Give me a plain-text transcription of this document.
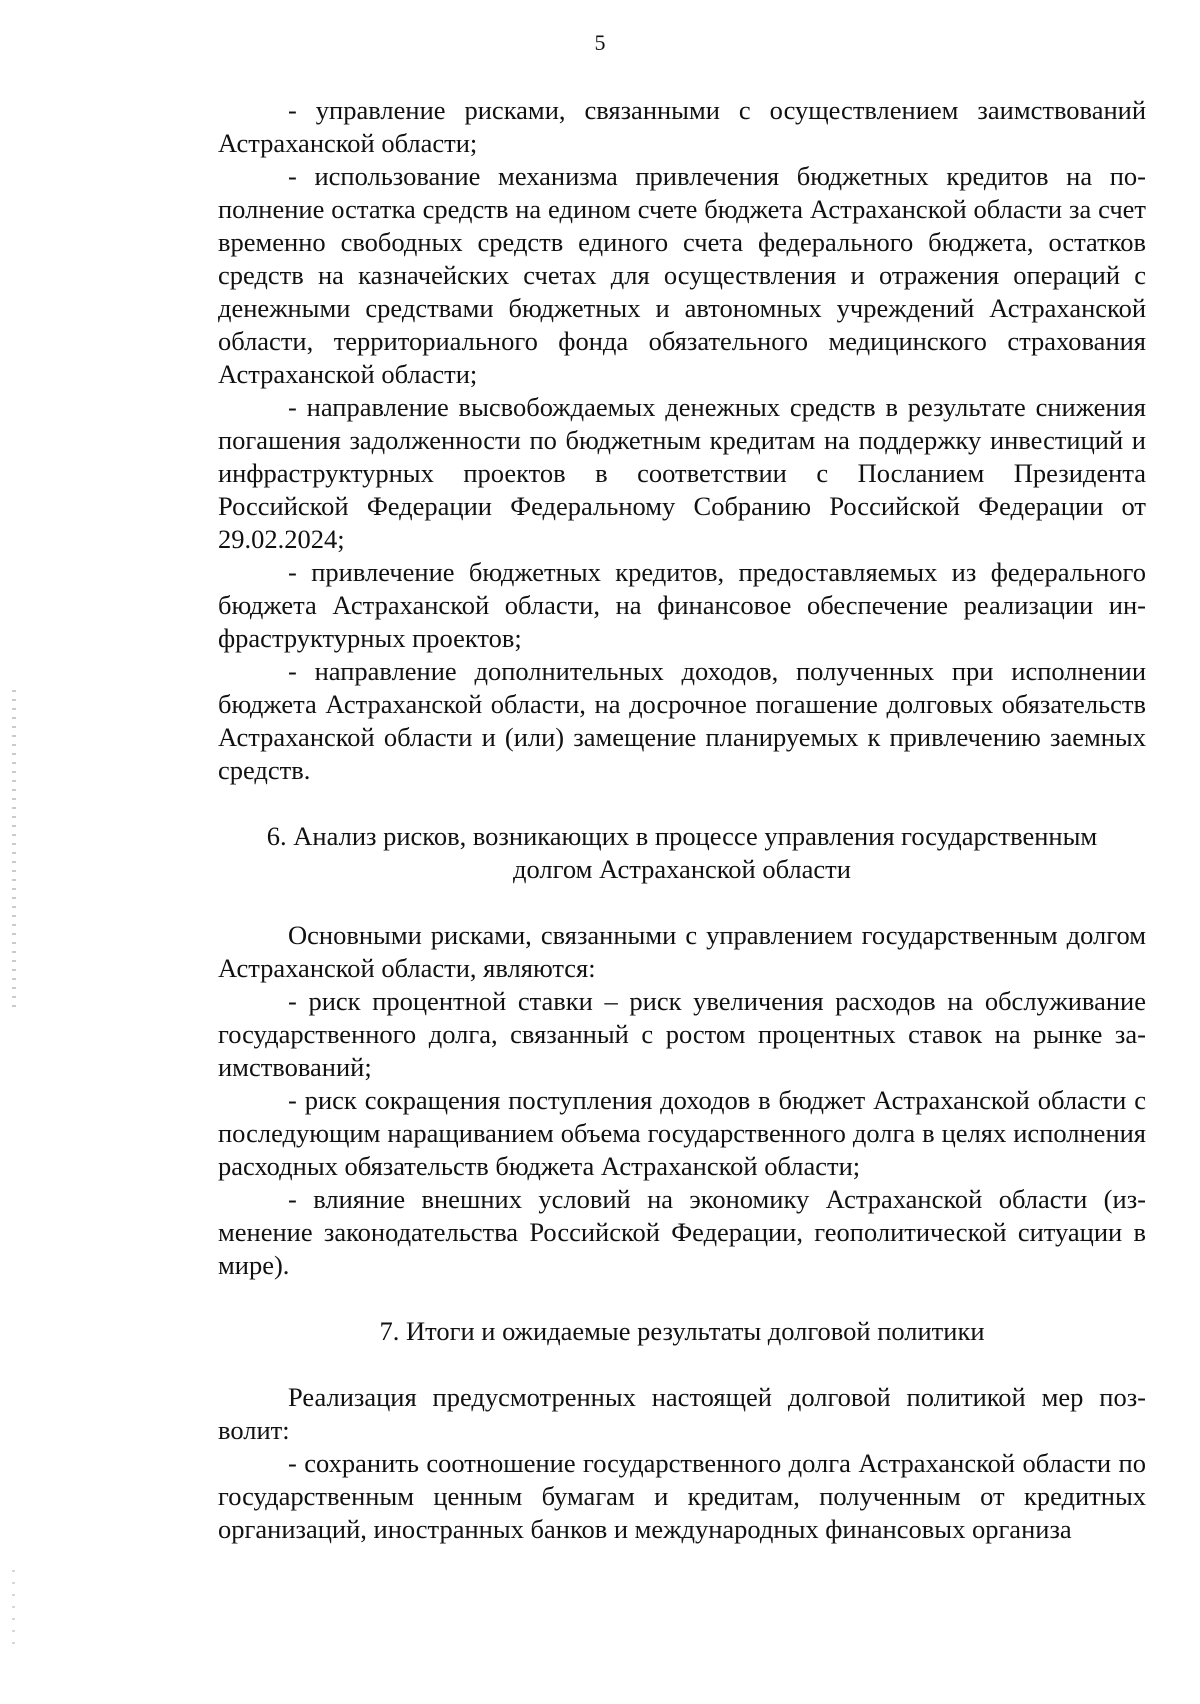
5

- управление рисками, связанными с осуществлением заимствований Астраханской области;

- использование механизма привлечения бюджетных кредитов на пополнение остатка средств на едином счете бюджета Астраханской области за счет временно свободных средств единого счета федерального бюджета, остатков средств на казначейских счетах для осуществления и отражения операций с денежными средствами бюджетных и автономных учреждений Астраханской области, территориального фонда обязательного медицинского страхования Астраханской области;

- направление высвобождаемых денежных средств в результате снижения погашения задолженности по бюджетным кредитам на поддержку инвестиций и инфраструктурных проектов в соответствии с Посланием Президента Российской Федерации Федеральному Собранию Российской Федерации от 29.02.2024;

- привлечение бюджетных кредитов, предоставляемых из федерального бюджета Астраханской области, на финансовое обеспечение реализации инфраструктурных проектов;

- направление дополнительных доходов, полученных при исполнении бюджета Астраханской области, на досрочное погашение долговых обязательств Астраханской области и (или) замещение планируемых к привлечению заемных средств.

6. Анализ рисков, возникающих в процессе управления государственным
долгом Астраханской области

Основными рисками, связанными с управлением государственным долгом Астраханской области, являются:

- риск процентной ставки – риск увеличения расходов на обслуживание государственного долга, связанный с ростом процентных ставок на рынке заимствований;

- риск сокращения поступления доходов в бюджет Астраханской области с последующим наращиванием объема государственного долга в целях исполнения расходных обязательств бюджета Астраханской области;

- влияние внешних условий на экономику Астраханской области (изменение законодательства Российской Федерации, геополитической ситуации в мире).

7. Итоги и ожидаемые результаты долговой политики

Реализация предусмотренных настоящей долговой политикой мер позволит:

- сохранить соотношение государственного долга Астраханской области по государственным ценным бумагам и кредитам, полученным от кредитных организаций, иностранных банков и международных финансовых организа
